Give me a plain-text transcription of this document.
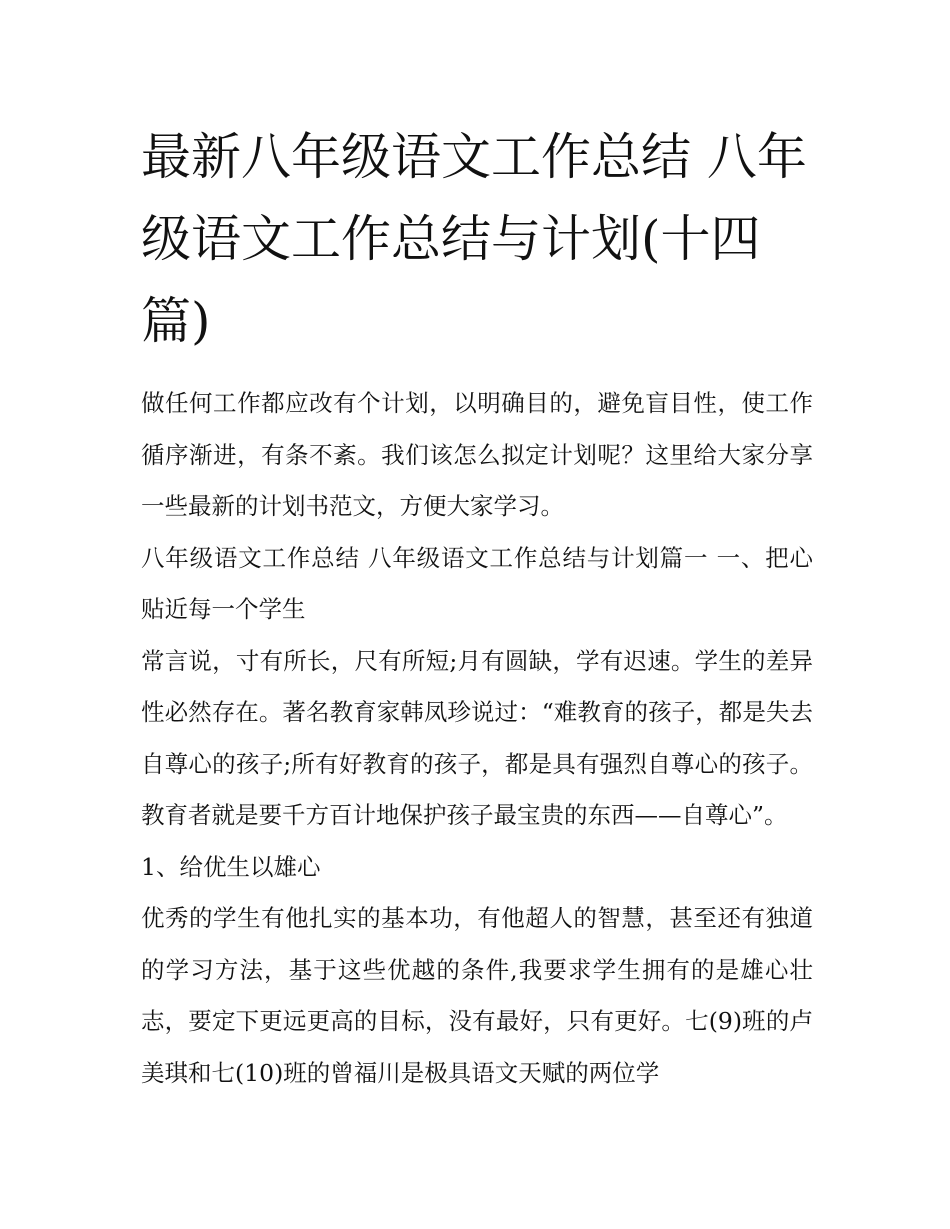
最新八年级语文工作总结 八年级语文工作总结与计划(十四篇)

做任何工作都应改有个计划，以明确目的，避免盲目性，使工作循序渐进，有条不紊。我们该怎么拟定计划呢？这里给大家分享一些最新的计划书范文，方便大家学习。

八年级语文工作总结 八年级语文工作总结与计划篇一 一、把心贴近每一个学生

常言说，寸有所长，尺有所短;月有圆缺，学有迟速。学生的差异性必然存在。著名教育家韩凤珍说过：“难教育的孩子，都是失去自尊心的孩子;所有好教育的孩子，都是具有强烈自尊心的孩子。教育者就是要千方百计地保护孩子最宝贵的东西——自尊心”。

1、给优生以雄心

优秀的学生有他扎实的基本功，有他超人的智慧，甚至还有独道的学习方法，基于这些优越的条件,我要求学生拥有的是雄心壮志，要定下更远更高的目标，没有最好，只有更好。七(9)班的卢美琪和七(10)班的曾福川是极具语文天赋的两位学
